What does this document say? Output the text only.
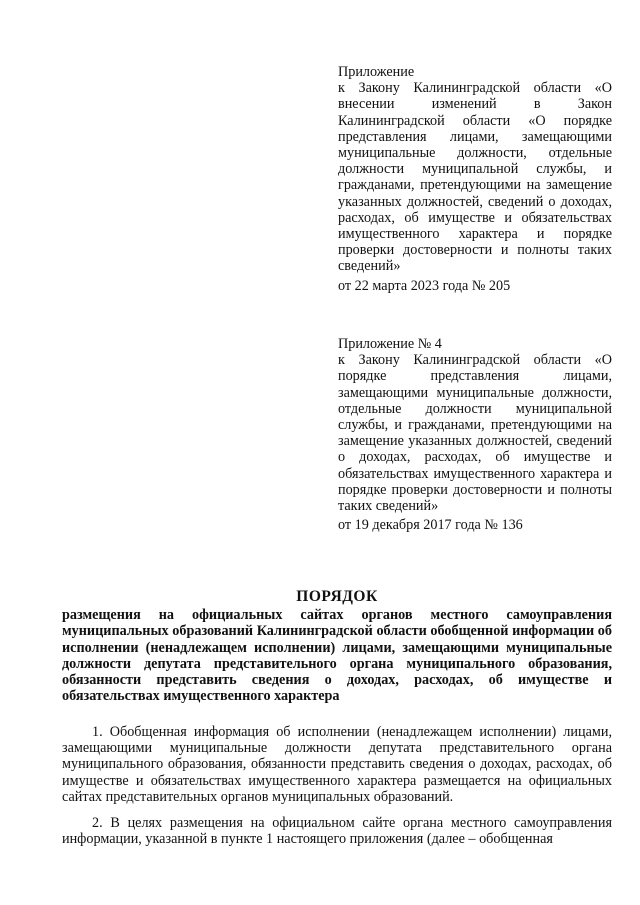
Приложение
к Закону Калининградской области «О внесении изменений в Закон Калининградской области «О порядке представления лицами, замещающими муниципальные должности, отдельные должности муниципальной службы, и гражданами, претендующими на замещение указанных должностей, сведений о доходах, расходах, об имуществе и обязательствах имущественного характера и порядке проверки достоверности и полноты таких сведений»
от 22 марта 2023 года № 205
Приложение № 4
к Закону Калининградской области «О порядке представления лицами, замещающими муниципальные должности, отдельные должности муниципальной службы, и гражданами, претендующими на замещение указанных должностей, сведений о доходах, расходах, об имуществе и обязательствах имущественного характера и порядке проверки достоверности и полноты таких сведений»
от 19 декабря 2017 года № 136
ПОРЯДОК
размещения на официальных сайтах органов местного самоуправления муниципальных образований Калининградской области обобщенной информации об исполнении (ненадлежащем исполнении) лицами, замещающими муниципальные должности депутата представительного органа муниципального образования, обязанности представить сведения о доходах, расходах, об имуществе и обязательствах имущественного характера
1. Обобщенная информация об исполнении (ненадлежащем исполнении) лицами, замещающими муниципальные должности депутата представительного органа муниципального образования, обязанности представить сведения о доходах, расходах, об имуществе и обязательствах имущественного характера размещается на официальных сайтах представительных органов муниципальных образований.
2. В целях размещения на официальном сайте органа местного самоуправления информации, указанной в пункте 1 настоящего приложения (далее – обобщенная
